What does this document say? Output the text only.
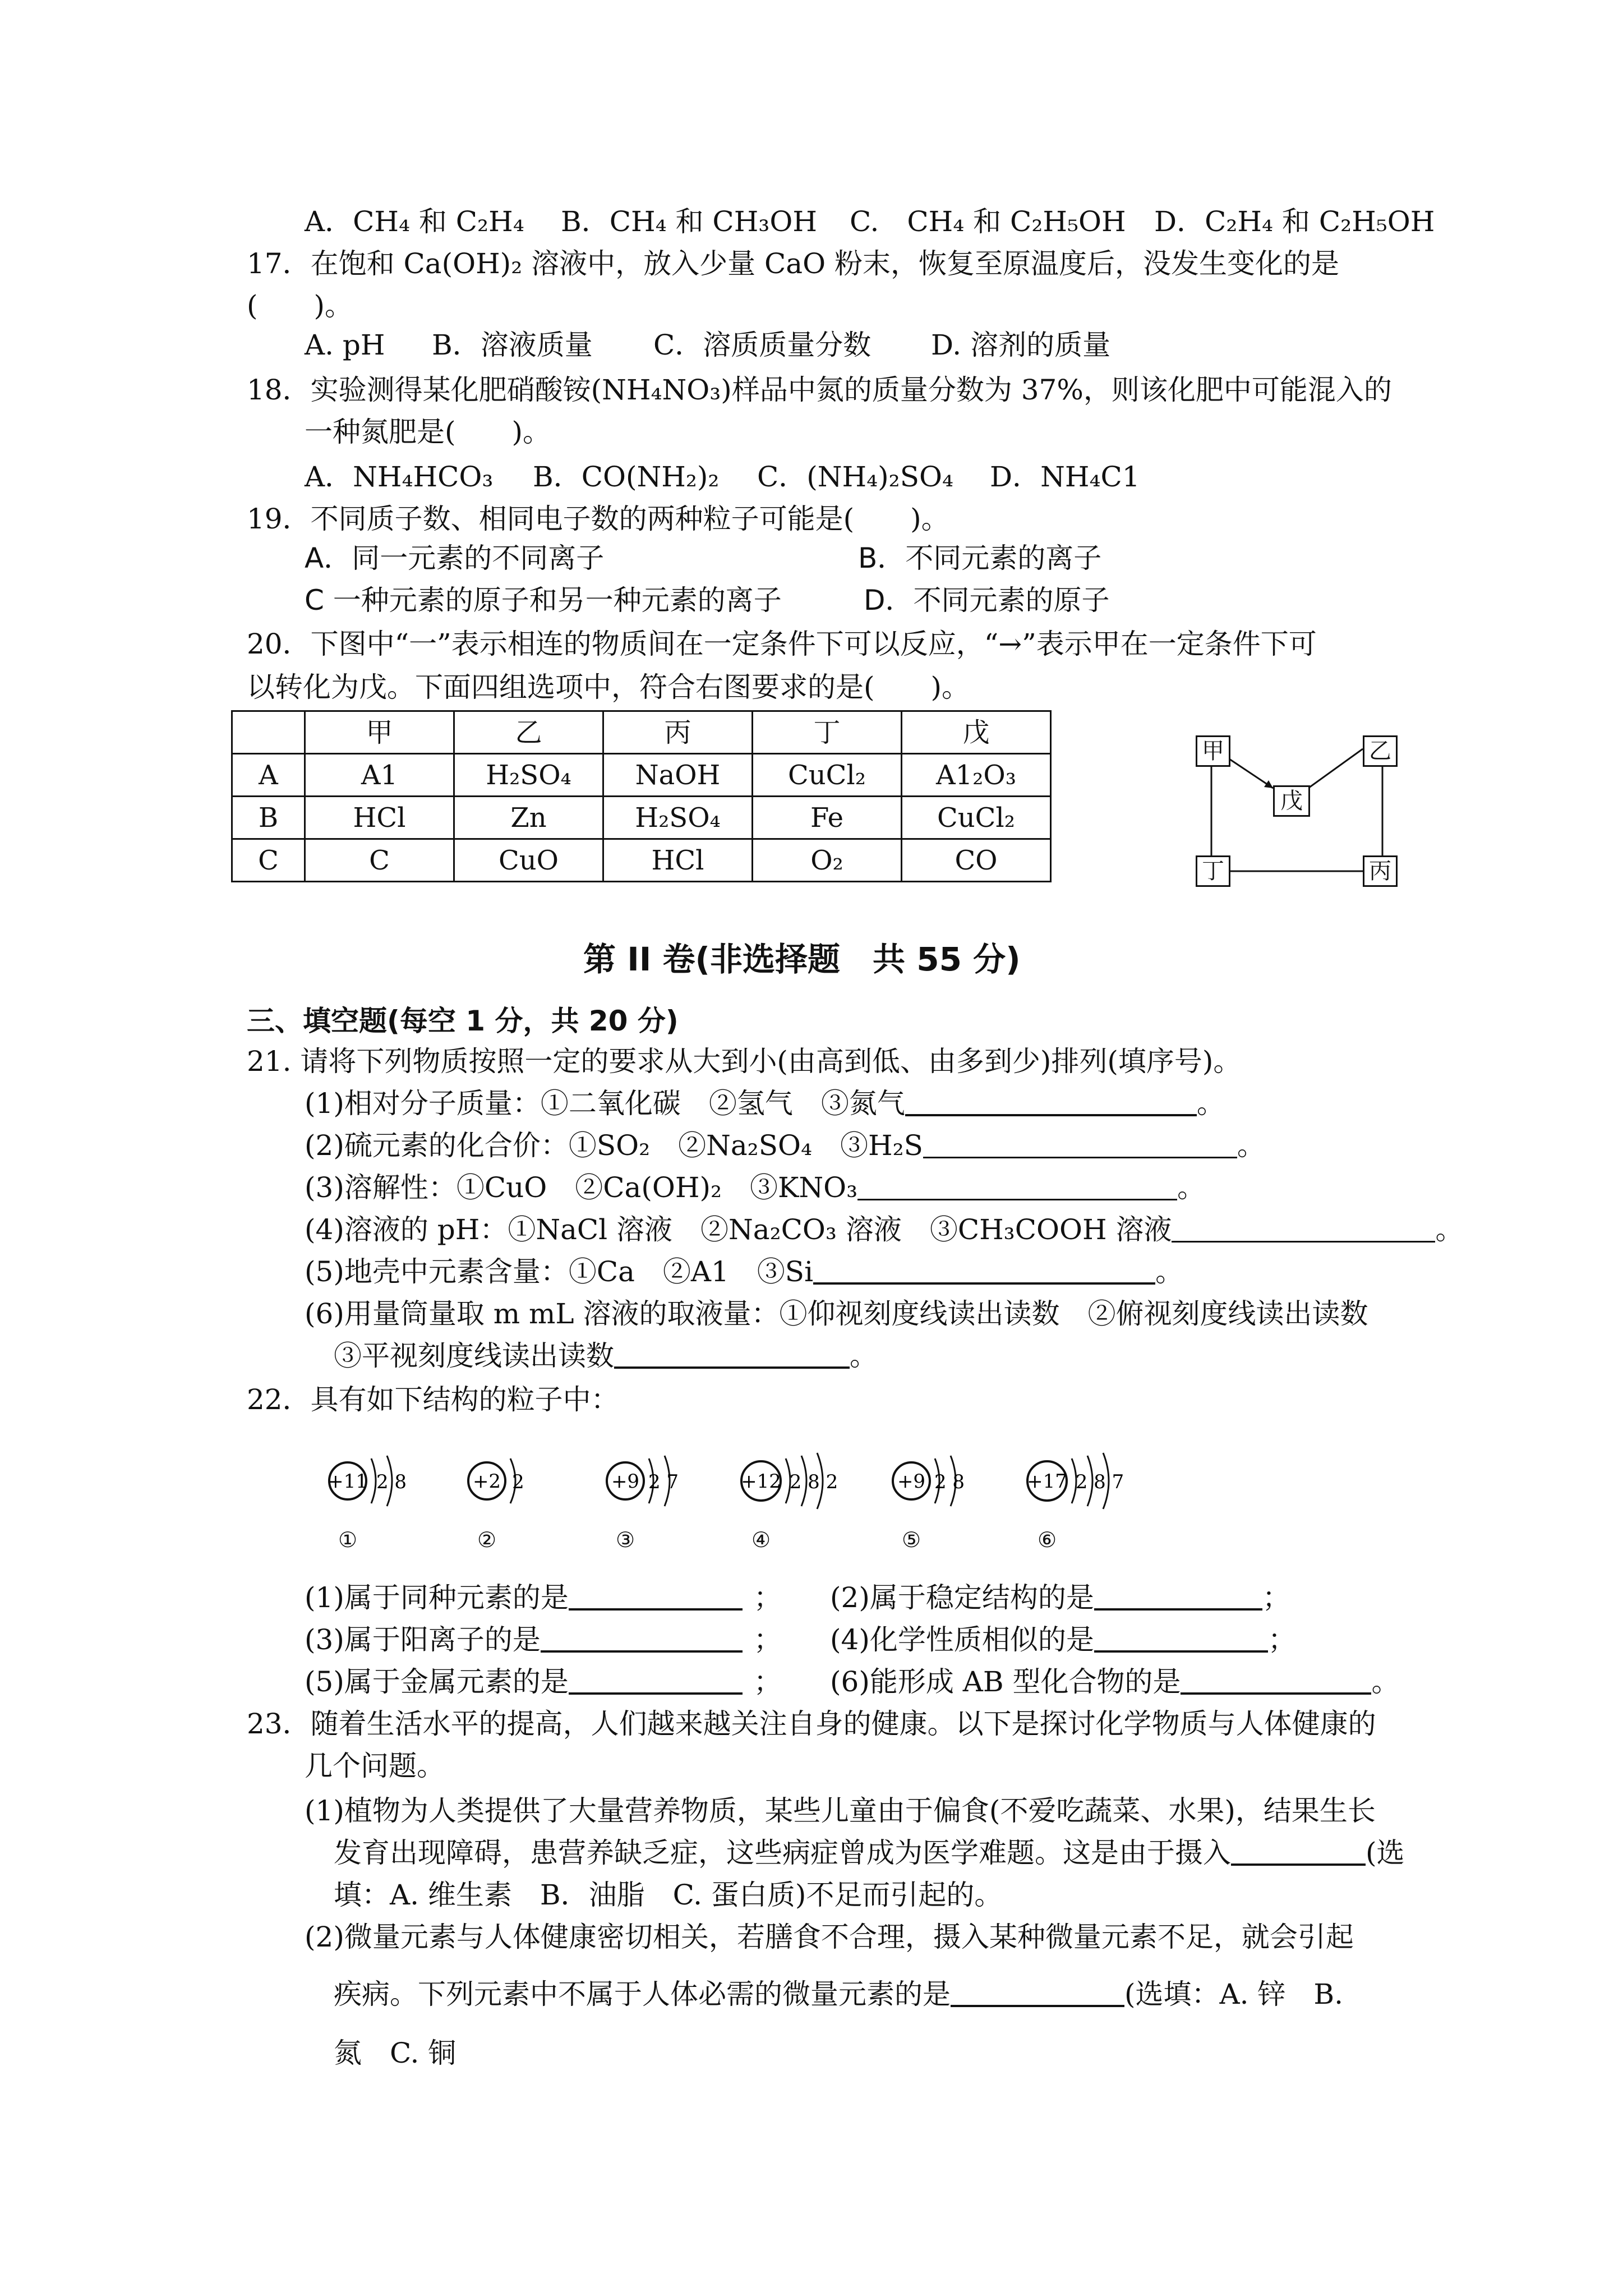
A．CH₄ 和 C₂H₄ B．CH₄ 和 CH₃OH C.　CH₄ 和 C₂H₅OH D．C₂H₄ 和 C₂H₅OH
17．在饱和 Ca(OH)₂ 溶液中，放入少量 CaO 粉末，恢复至原温度后，没发生变化的是
(　　)。
A. pH B．溶液质量 C．溶质质量分数 D. 溶剂的质量
18．实验测得某化肥硝酸铵(NH₄NO₃)样品中氮的质量分数为 37%，则该化肥中可能混入的
一种氮肥是(　　)。
A．NH₄HCO₃ B．CO(NH₂)₂ C．(NH₄)₂SO₄ D．NH₄C1
19．不同质子数、相同电子数的两种粒子可能是(　　)。
A．同一元素的不同离子	B．不同元素的离子
C 一种元素的原子和另一种元素的离子	D．不同元素的原子
20．下图中“一”表示相连的物质间在一定条件下可以反应，“→”表示甲在一定条件下可
以转化为戊。下面四组选项中，符合右图要求的是(　　)。
	甲	乙	丙	丁	戊
A	A1	H₂SO₄	NaOH	CuCl₂	A1₂O₃
B	HCl	Zn	H₂SO₄	Fe	CuCl₂
C	C	CuO	HCl	O₂	CO
甲	乙
戊
丁	丙
第 II 卷(非选择题　共 55 分)
三、填空题(每空 1 分，共 20 分)
21. 请将下列物质按照一定的要求从大到小(由高到低、由多到少)排列(填序号)。
(1)相对分子质量：①二氧化碳　②氢气　③氮气	。
(2)硫元素的化合价：①SO₂　②Na₂SO₄　③H₂S	。
(3)溶解性：①CuO　②Ca(OH)₂　③KNO₃	。
(4)溶液的 pH：①NaCl 溶液　②Na₂CO₃ 溶液　③CH₃COOH 溶液	。
(5)地壳中元素含量：①Ca　②A1　③Si	。
(6)用量筒量取 m mL 溶液的取液量：①仰视刻度线读出读数　②俯视刻度线读出读数
③平视刻度线读出读数	。
22．具有如下结构的粒子中：
+11 2 8	+2 2	+9 2 7	+12 2 8 2	+9 2 8	+17 2 8 7
①	②	③	④	⑤	⑥
(1)属于同种元素的是	； (2)属于稳定结构的是	；
(3)属于阳离子的是	； (4)化学性质相似的是	；
(5)属于金属元素的是	； (6)能形成 AB 型化合物的是	。
23．随着生活水平的提高，人们越来越关注自身的健康。以下是探讨化学物质与人体健康的
几个问题。
(1)植物为人类提供了大量营养物质，某些儿童由于偏食(不爱吃蔬菜、水果)，结果生长
发育出现障碍，患营养缺乏症，这些病症曾成为医学难题。这是由于摄入	(选
填：A. 维生素　B．油脂　C. 蛋白质)不足而引起的。
(2)微量元素与人体健康密切相关，若膳食不合理，摄入某种微量元素不足，就会引起
疾病。下列元素中不属于人体必需的微量元素的是	(选填：A. 锌　B.
氮　C. 铜
